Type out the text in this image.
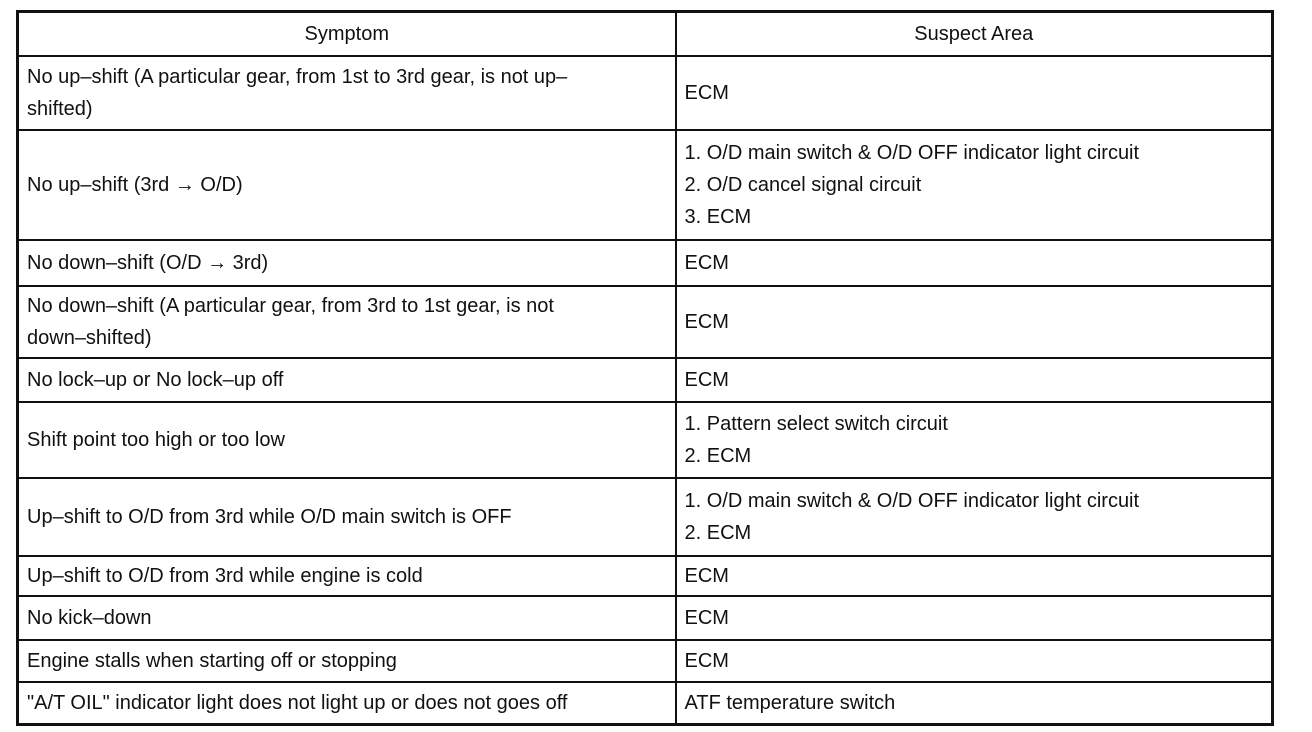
Symptom	Suspect Area

No up–shift (A particular gear, from 1st to 3rd gear, is not up–
shifted)	ECM

No up–shift (3rd → O/D)	1. O/D main switch & O/D OFF indicator light circuit
2. O/D cancel signal circuit
3. ECM

No down–shift (O/D → 3rd)	ECM

No down–shift (A particular gear, from 3rd to 1st gear, is not
down–shifted)	ECM

No lock–up or No lock–up off	ECM

Shift point too high or too low	1. Pattern select switch circuit
2. ECM

Up–shift to O/D from 3rd while O/D main switch is OFF	1. O/D main switch & O/D OFF indicator light circuit
2. ECM

Up–shift to O/D from 3rd while engine is cold	ECM

No kick–down	ECM

Engine stalls when starting off or stopping	ECM

"A/T OIL" indicator light does not light up or does not goes off	ATF temperature switch
